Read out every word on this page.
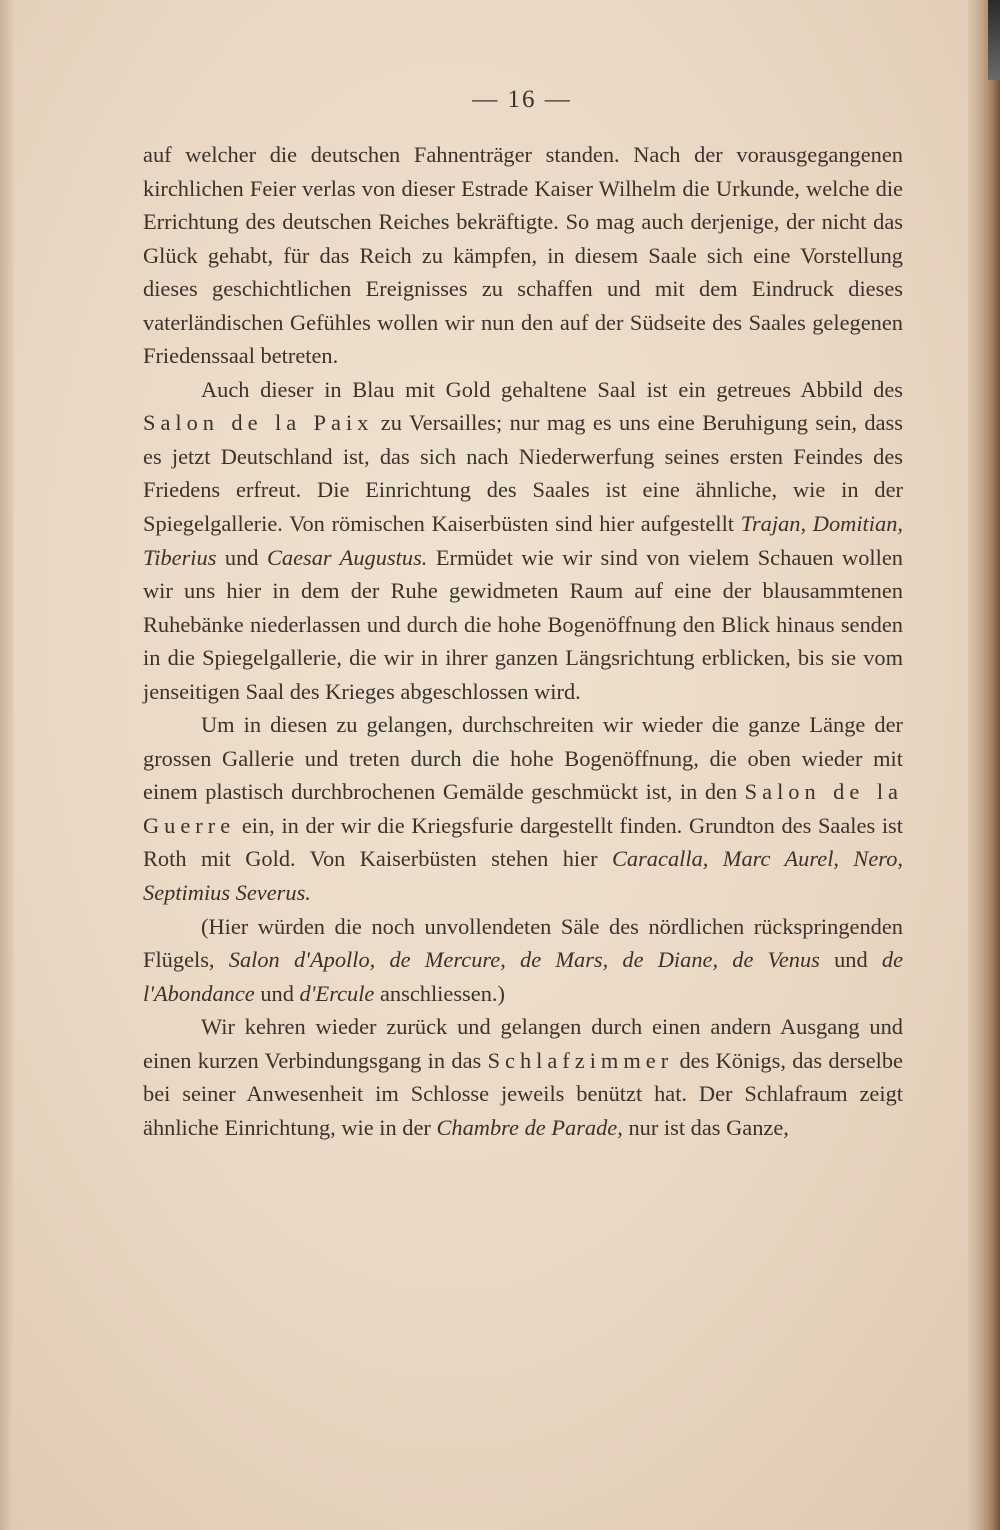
— 16 —

auf welcher die deutschen Fahnenträger standen. Nach der vorausgegangenen kirchlichen Feier verlas von dieser Estrade Kaiser Wilhelm die Urkunde, welche die Errichtung des deutschen Reiches bekräftigte. So mag auch derjenige, der nicht das Glück gehabt, für das Reich zu kämpfen, in diesem Saale sich eine Vorstellung dieses geschichtlichen Ereignisses zu schaffen und mit dem Eindruck dieses vaterländischen Gefühles wollen wir nun den auf der Südseite des Saales gelegenen Friedenssaal betreten.

Auch dieser in Blau mit Gold gehaltene Saal ist ein getreues Abbild des Salon de la Paix zu Versailles; nur mag es uns eine Beruhigung sein, dass es jetzt Deutschland ist, das sich nach Niederwerfung seines ersten Feindes des Friedens erfreut. Die Einrichtung des Saales ist eine ähnliche, wie in der Spiegelgallerie. Von römischen Kaiserbüsten sind hier aufgestellt Trajan, Domitian, Tiberius und Caesar Augustus. Ermüdet wie wir sind von vielem Schauen wollen wir uns hier in dem der Ruhe gewidmeten Raum auf eine der blausammtenen Ruhebänke niederlassen und durch die hohe Bogenöffnung den Blick hinaus senden in die Spiegelgallerie, die wir in ihrer ganzen Längsrichtung erblicken, bis sie vom jenseitigen Saal des Krieges abgeschlossen wird.

Um in diesen zu gelangen, durchschreiten wir wieder die ganze Länge der grossen Gallerie und treten durch die hohe Bogenöffnung, die oben wieder mit einem plastisch durchbrochenen Gemälde geschmückt ist, in den Salon de la Guerre ein, in der wir die Kriegsfurie dargestellt finden. Grundton des Saales ist Roth mit Gold. Von Kaiserbüsten stehen hier Caracalla, Marc Aurel, Nero, Septimius Severus.

(Hier würden die noch unvollendeten Säle des nördlichen rückspringenden Flügels, Salon d'Apollo, de Mercure, de Mars, de Diane, de Venus und de l'Abondance und d'Ercule anschliessen.)

Wir kehren wieder zurück und gelangen durch einen andern Ausgang und einen kurzen Verbindungsgang in das Schlafzimmer des Königs, das derselbe bei seiner Anwesenheit im Schlosse jeweils benützt hat. Der Schlafraum zeigt ähnliche Einrichtung, wie in der Chambre de Parade, nur ist das Ganze,
